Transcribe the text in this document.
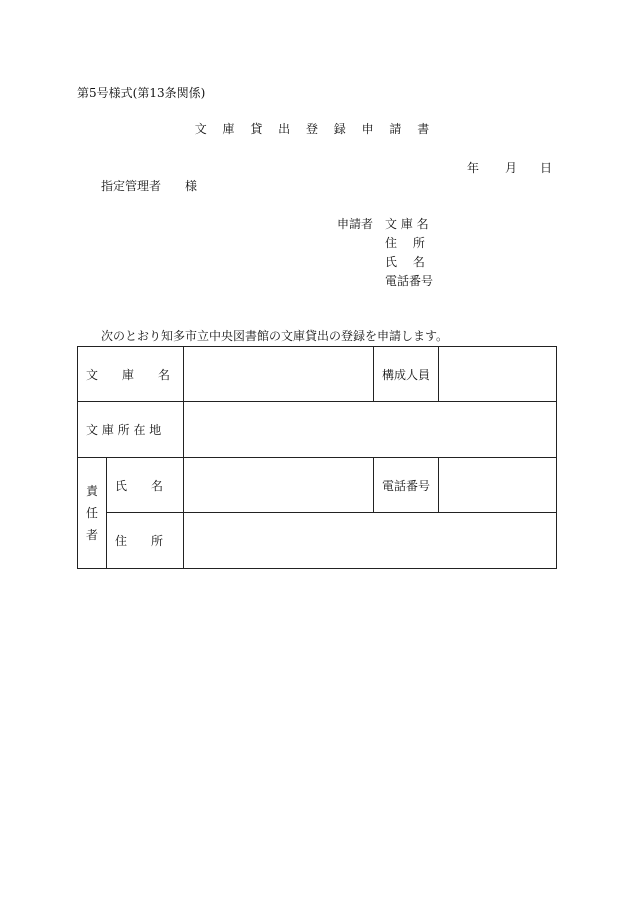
第5号様式(第13条関係)
文 庫 貸 出 登 録 申 請 書
年 月 日
指定管理者　　様
申請者 文 庫 名
住　 所
氏　 名
電話番号
次のとおり知多市立中央図書館の文庫貸出の登録を申請します。
文　　庫　　名			構成人員	
文 庫 所 在 地				

責
任
者	氏　　名		電話番号	
	住　　所			
